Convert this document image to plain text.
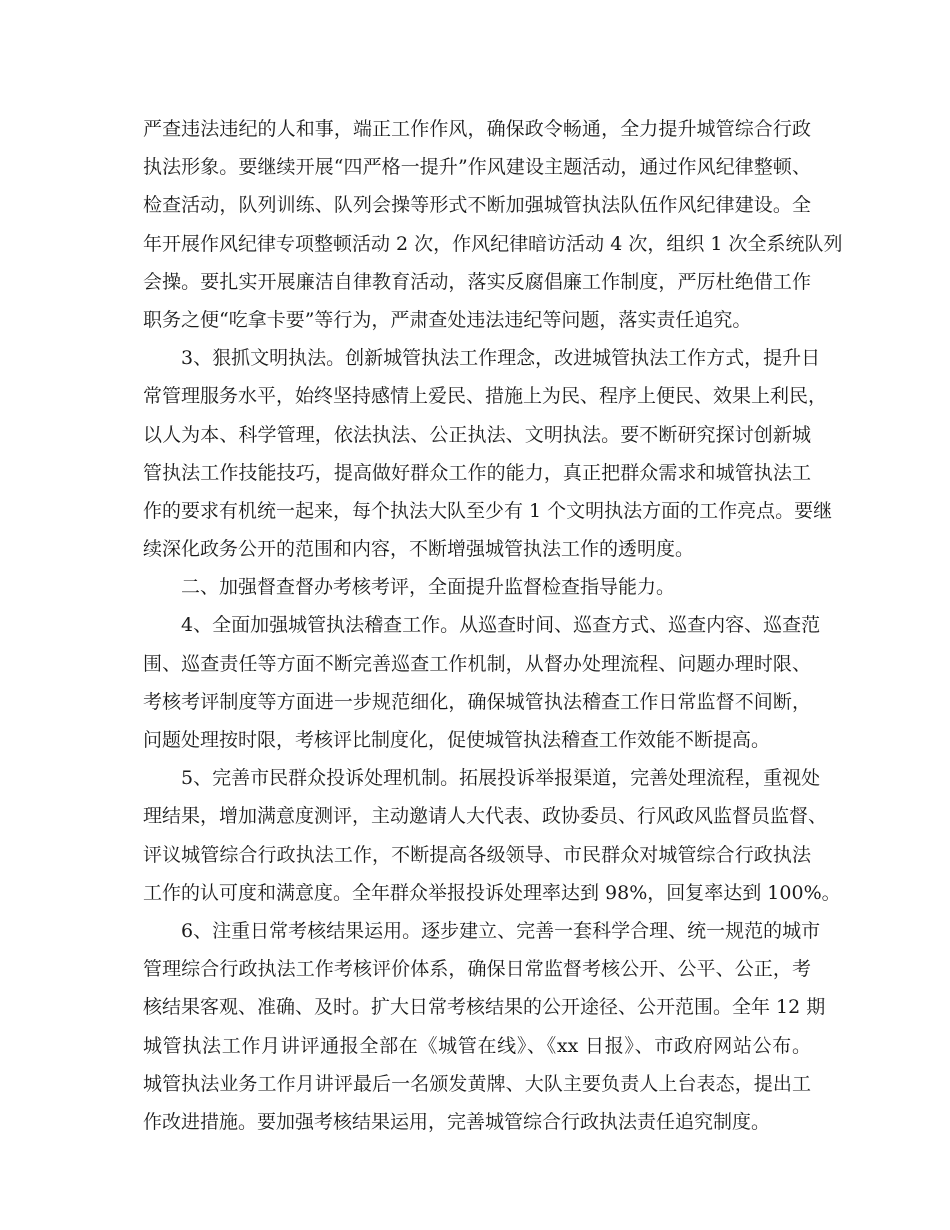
严查违法违纪的人和事，端正工作作风，确保政令畅通，全力提升城管综合行政
执法形象。要继续开展“四严格一提升”作风建设主题活动，通过作风纪律整顿、
检查活动，队列训练、队列会操等形式不断加强城管执法队伍作风纪律建设。全
年开展作风纪律专项整顿活动 2 次，作风纪律暗访活动 4 次，组织 1 次全系统队列
会操。要扎实开展廉洁自律教育活动，落实反腐倡廉工作制度，严厉杜绝借工作
职务之便“吃拿卡要”等行为，严肃查处违法违纪等问题，落实责任追究。
3、狠抓文明执法。创新城管执法工作理念，改进城管执法工作方式，提升日
常管理服务水平，始终坚持感情上爱民、措施上为民、程序上便民、效果上利民，
以人为本、科学管理，依法执法、公正执法、文明执法。要不断研究探讨创新城
管执法工作技能技巧，提高做好群众工作的能力，真正把群众需求和城管执法工
作的要求有机统一起来，每个执法大队至少有 1 个文明执法方面的工作亮点。要继
续深化政务公开的范围和内容，不断增强城管执法工作的透明度。
二、加强督查督办考核考评，全面提升监督检查指导能力。
4、全面加强城管执法稽查工作。从巡查时间、巡查方式、巡查内容、巡查范
围、巡查责任等方面不断完善巡查工作机制，从督办处理流程、问题办理时限、
考核考评制度等方面进一步规范细化，确保城管执法稽查工作日常监督不间断，
问题处理按时限，考核评比制度化，促使城管执法稽查工作效能不断提高。
5、完善市民群众投诉处理机制。拓展投诉举报渠道，完善处理流程，重视处
理结果，增加满意度测评，主动邀请人大代表、政协委员、行风政风监督员监督、
评议城管综合行政执法工作，不断提高各级领导、市民群众对城管综合行政执法
工作的认可度和满意度。全年群众举报投诉处理率达到 98%，回复率达到 100%。
6、注重日常考核结果运用。逐步建立、完善一套科学合理、统一规范的城市
管理综合行政执法工作考核评价体系，确保日常监督考核公开、公平、公正，考
核结果客观、准确、及时。扩大日常考核结果的公开途径、公开范围。全年 12 期
城管执法工作月讲评通报全部在《城管在线》、《xx 日报》、市政府网站公布。
城管执法业务工作月讲评最后一名颁发黄牌、大队主要负责人上台表态，提出工
作改进措施。要加强考核结果运用，完善城管综合行政执法责任追究制度。
